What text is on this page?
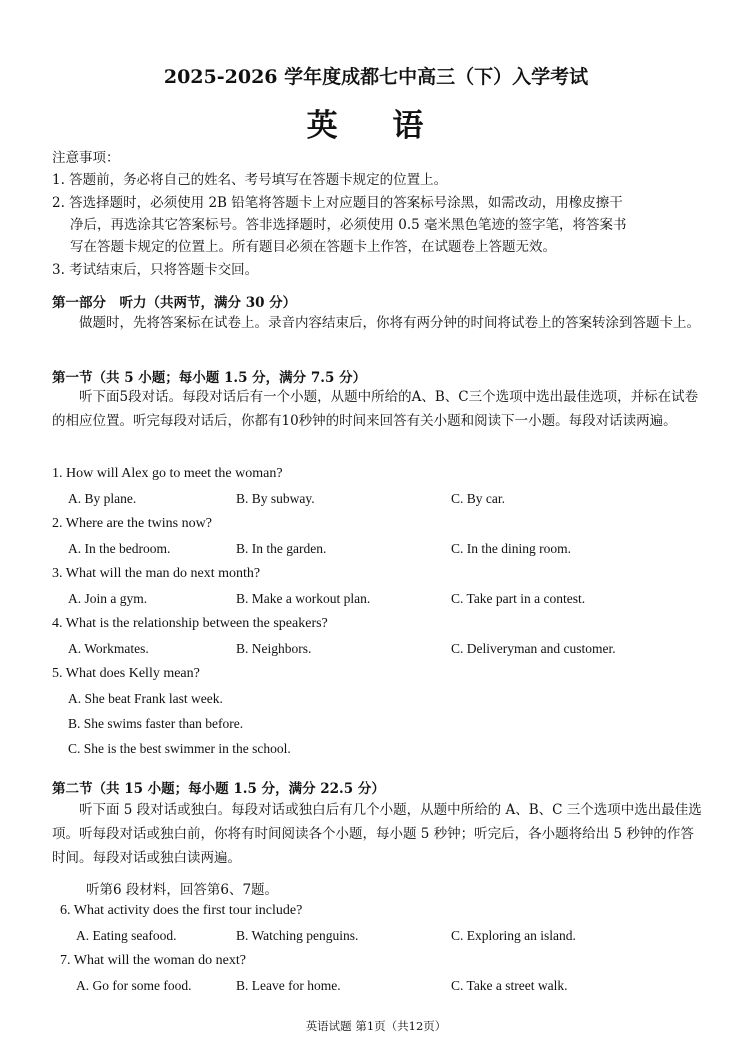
2025-2026 学年度成都七中高三（下）入学考试
英 语
注意事项：
1. 答题前，务必将自己的姓名、考号填写在答题卡规定的位置上。
2. 答选择题时，必须使用 2B 铅笔将答题卡上对应题目的答案标号涂黑，如需改动，用橡皮擦干
净后，再选涂其它答案标号。答非选择题时，必须使用 0.5 毫米黑色笔迹的签字笔，将答案书
写在答题卡规定的位置上。所有题目必须在答题卡上作答，在试题卷上答题无效。
3. 考试结束后，只将答题卡交回。
第一部分　听力（共两节，满分 30 分）
做题时，先将答案标在试卷上。录音内容结束后，你将有两分钟的时间将试卷上的答案转涂到答题卡上。
第一节（共 5 小题；每小题 1.5 分，满分 7.5 分）
听下面5段对话。每段对话后有一个小题，从题中所给的A、B、C三个选项中选出最佳选项，并标在试卷的相应位置。听完每段对话后，你都有10秒钟的时间来回答有关小题和阅读下一小题。每段对话读两遍。
1. How will Alex go to meet the woman?
A. By plane.	B. By subway.	C. By car.
2. Where are the twins now?
A. In the bedroom.	B. In the garden.	C. In the dining room.
3. What will the man do next month?
A. Join a gym.	B. Make a workout plan.	C. Take part in a contest.
4. What is the relationship between the speakers?
A. Workmates.	B. Neighbors.	C. Deliveryman and customer.
5. What does Kelly mean?
A. She beat Frank last week.
B. She swims faster than before.
C. She is the best swimmer in the school.
第二节（共 15 小题；每小题 1.5 分，满分 22.5 分）
听下面 5 段对话或独白。每段对话或独白后有几个小题，从题中所给的 A、B、C 三个选项中选出最佳选项。听每段对话或独白前，你将有时间阅读各个小题，每小题 5 秒钟；听完后，各小题将给出 5 秒钟的作答时间。每段对话或独白读两遍。
听第6 段材料，回答第6、7题。
6. What activity does the first tour include?
A. Eating seafood.	B. Watching penguins.	C. Exploring an island.
7. What will the woman do next?
A. Go for some food.	B. Leave for home.	C. Take a street walk.
英语试题 第1页（共12页）
